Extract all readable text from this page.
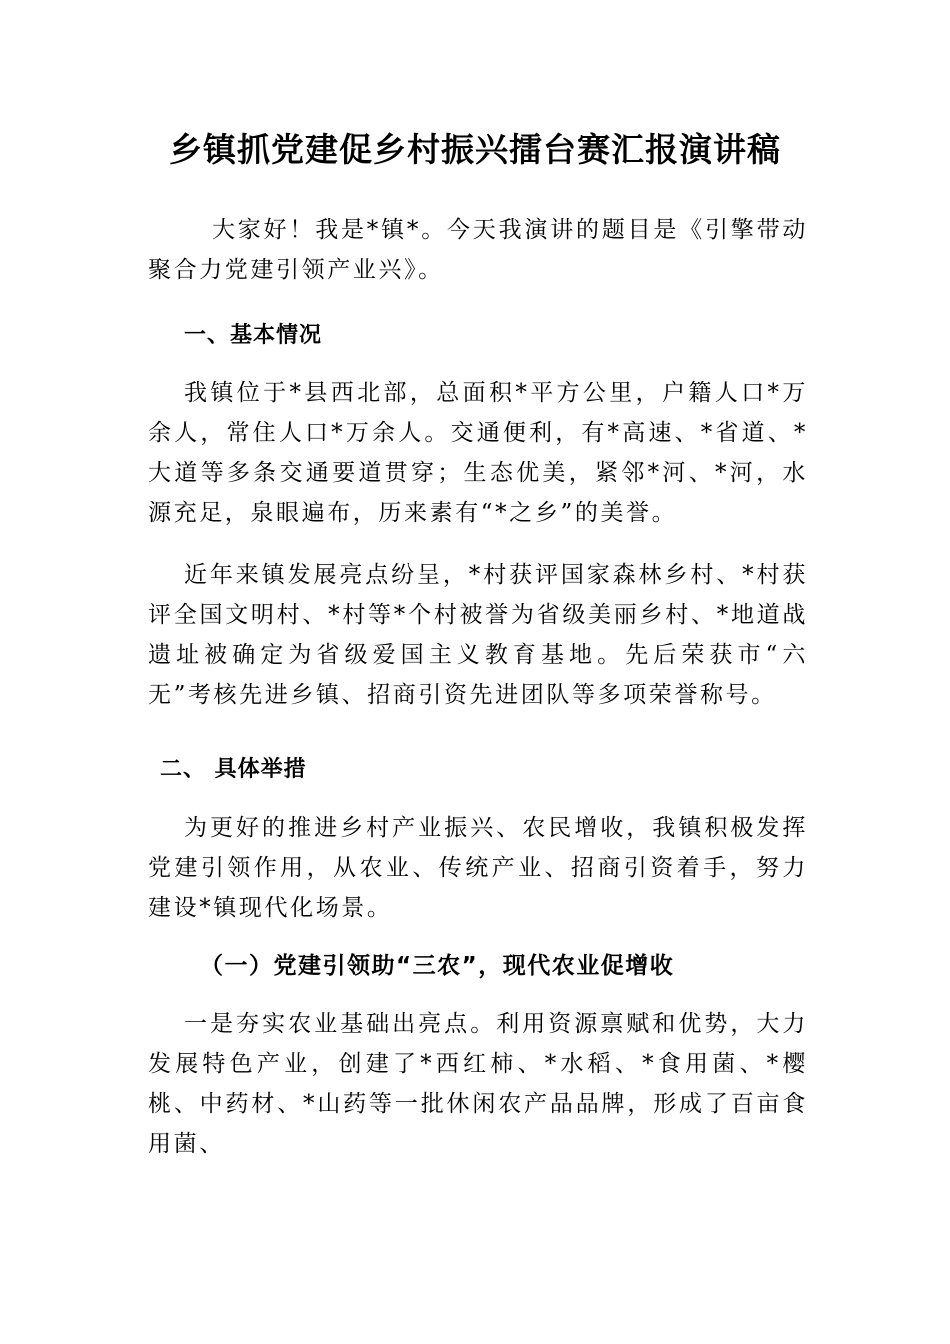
乡镇抓党建促乡村振兴擂台赛汇报演讲稿
大家好！我是*镇*。今天我演讲的题目是《引擎带动聚合力党建引领产业兴》。
一、基本情况
我镇位于*县西北部，总面积*平方公里，户籍人口*万余人，常住人口*万余人。交通便利，有*高速、*省道、*大道等多条交通要道贯穿；生态优美，紧邻*河、*河，水源充足，泉眼遍布，历来素有“*之乡”的美誉。
近年来镇发展亮点纷呈，*村获评国家森林乡村、*村获评全国文明村、*村等*个村被誉为省级美丽乡村、*地道战遗址被确定为省级爱国主义教育基地。先后荣获市“六无”考核先进乡镇、招商引资先进团队等多项荣誉称号。
二、 具体举措
为更好的推进乡村产业振兴、农民增收，我镇积极发挥党建引领作用，从农业、传统产业、招商引资着手，努力建设*镇现代化场景。
（一）党建引领助“三农”，现代农业促增收
一是夯实农业基础出亮点。利用资源禀赋和优势，大力发展特色产业，创建了*西红柿、*水稻、*食用菌、*樱桃、中药材、*山药等一批休闲农产品品牌，形成了百亩食用菌、
